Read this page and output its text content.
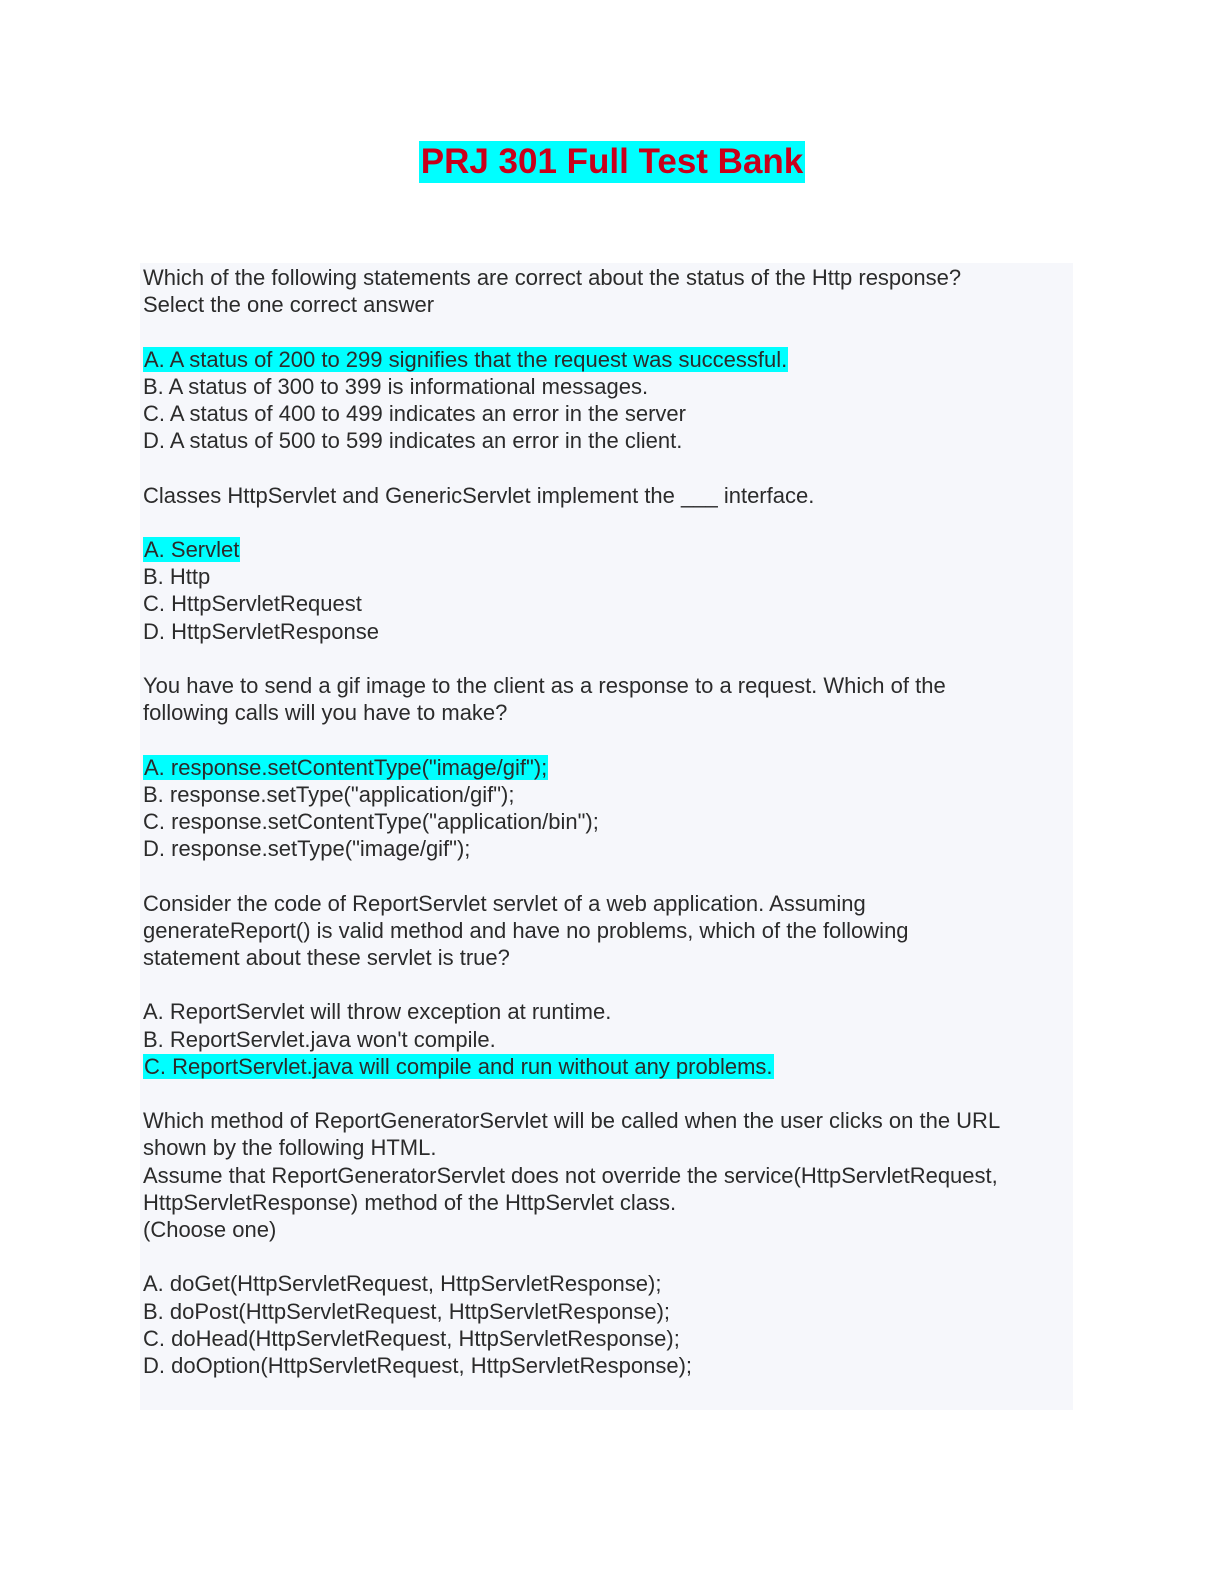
PRJ 301 Full Test Bank
Which of the following statements are correct about the status of the Http response?
Select the one correct answer
A. A status of 200 to 299 signifies that the request was successful.
B. A status of 300 to 399 is informational messages.
C. A status of 400 to 499 indicates an error in the server
D. A status of 500 to 599 indicates an error in the client.
Classes HttpServlet and GenericServlet implement the ___ interface.
A. Servlet
B. Http
C. HttpServletRequest
D. HttpServletResponse
You have to send a gif image to the client as a response to a request. Which of the
following calls will you have to make?
A. response.setContentType("image/gif");
B. response.setType("application/gif");
C. response.setContentType("application/bin");
D. response.setType("image/gif");
Consider the code of ReportServlet servlet of a web application. Assuming
generateReport() is valid method and have no problems, which of the following
statement about these servlet is true?
A. ReportServlet will throw exception at runtime.
B. ReportServlet.java won't compile.
C. ReportServlet.java will compile and run without any problems.
Which method of ReportGeneratorServlet will be called when the user clicks on the URL
shown by the following HTML.
Assume that ReportGeneratorServlet does not override the service(HttpServletRequest,
HttpServletResponse) method of the HttpServlet class.
(Choose one)
A. doGet(HttpServletRequest, HttpServletResponse);
B. doPost(HttpServletRequest, HttpServletResponse);
C. doHead(HttpServletRequest, HttpServletResponse);
D. doOption(HttpServletRequest, HttpServletResponse);
